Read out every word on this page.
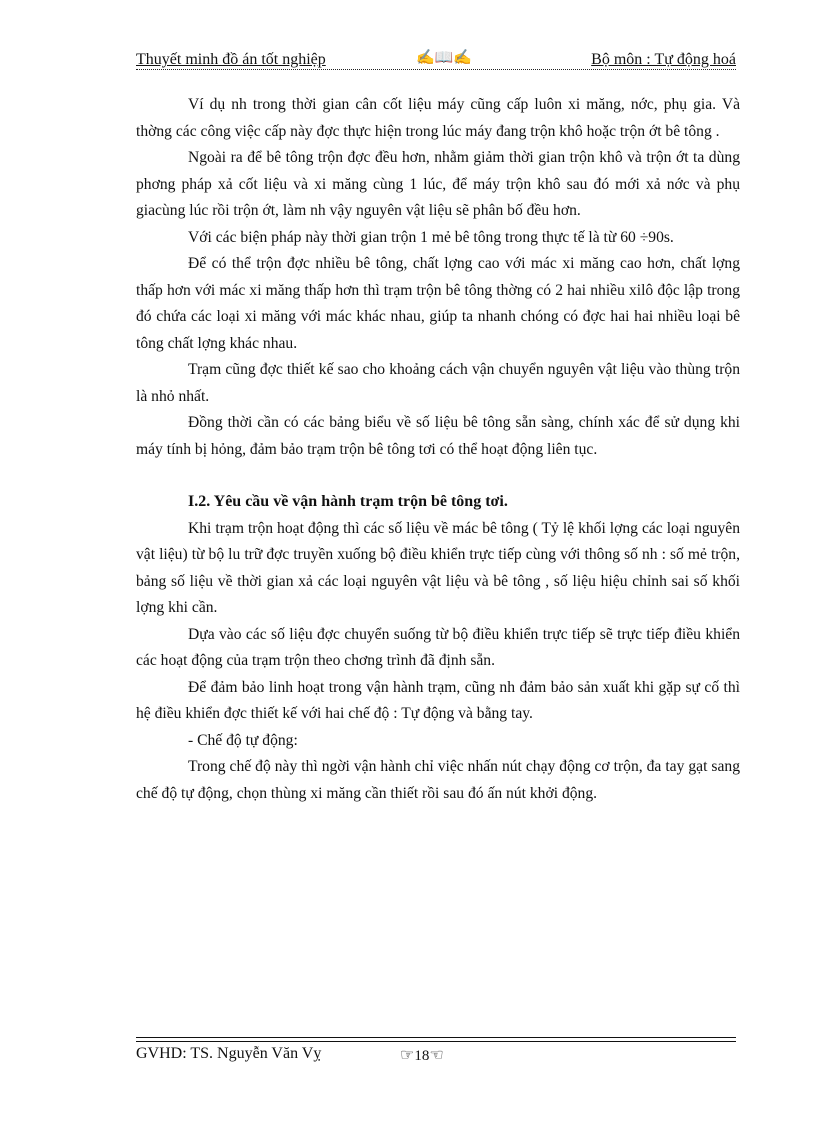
Thuyết minh đồ án tốt nghiệp	✍📖✍	Bộ môn : Tự động hoá

Ví dụ nh trong thời gian cân cốt liệu máy cũng cấp luôn xi măng, nớc, phụ gia. Và thờng các công việc cấp này đợc thực hiện trong lúc máy đang trộn khô hoặc trộn ớt bê tông .

Ngoài ra để bê tông trộn đợc đều hơn, nhằm giảm thời gian trộn khô và trộn ớt ta dùng phơng pháp xả cốt liệu và xi măng cùng 1 lúc, để máy trộn khô sau đó mới xả nớc và phụ giacùng lúc rồi trộn ớt, làm nh vậy nguyên vật liệu sẽ phân bố đều hơn.

Với các biện pháp này thời gian trộn 1 mẻ bê tông trong thực tế là từ 60 ÷90s.

Để có thể trộn đợc nhiều bê tông, chất lợng cao với mác xi măng cao hơn, chất lợng thấp hơn với mác xi măng thấp hơn thì trạm trộn bê tông thờng có 2 hai nhiều xilô độc lập trong đó chứa các loại xi măng với mác khác nhau, giúp ta nhanh chóng có đợc hai hai nhiều loại bê tông chất lợng khác nhau.

Trạm cũng đợc thiết kế sao cho khoảng cách vận chuyển nguyên vật liệu vào thùng trộn là nhỏ nhất.

Đồng thời cần có các bảng biểu về số liệu bê tông sẵn sàng, chính xác để sử dụng khi máy tính bị hỏng, đảm bảo trạm trộn bê tông tơi có thể hoạt động liên tục.

I.2. Yêu cầu về vận hành trạm trộn bê tông tơi.

Khi trạm trộn hoạt động thì các số liệu về mác bê tông ( Tỷ lệ khối lợng các loại nguyên vật liệu) từ bộ lu trữ đợc truyền xuống bộ điều khiển trực tiếp cùng với thông số nh : số mẻ trộn, bảng số liệu về thời gian xả các loại nguyên vật liệu và bê tông , số liệu hiệu chỉnh sai số khối lợng khi cần.

Dựa vào các số liệu đợc chuyển suống từ bộ điều khiển trực tiếp sẽ trực tiếp điều khiển các hoạt động của trạm trộn theo chơng trình đã định sẵn.

Để đảm bảo linh hoạt trong vận hành trạm, cũng nh đảm bảo sản xuất khi gặp sự cố thì hệ điều khiển đợc thiết kế với hai chế độ : Tự động và bằng tay.

- Chế độ tự động:

Trong chế độ này thì ngời vận hành chỉ việc nhấn nút chạy động cơ trộn, đa tay gạt sang chế độ tự động, chọn thùng xi măng cần thiết rồi sau đó ấn nút khởi động.

GVHD: TS. Nguyễn Văn Vỵ	☞18☜
